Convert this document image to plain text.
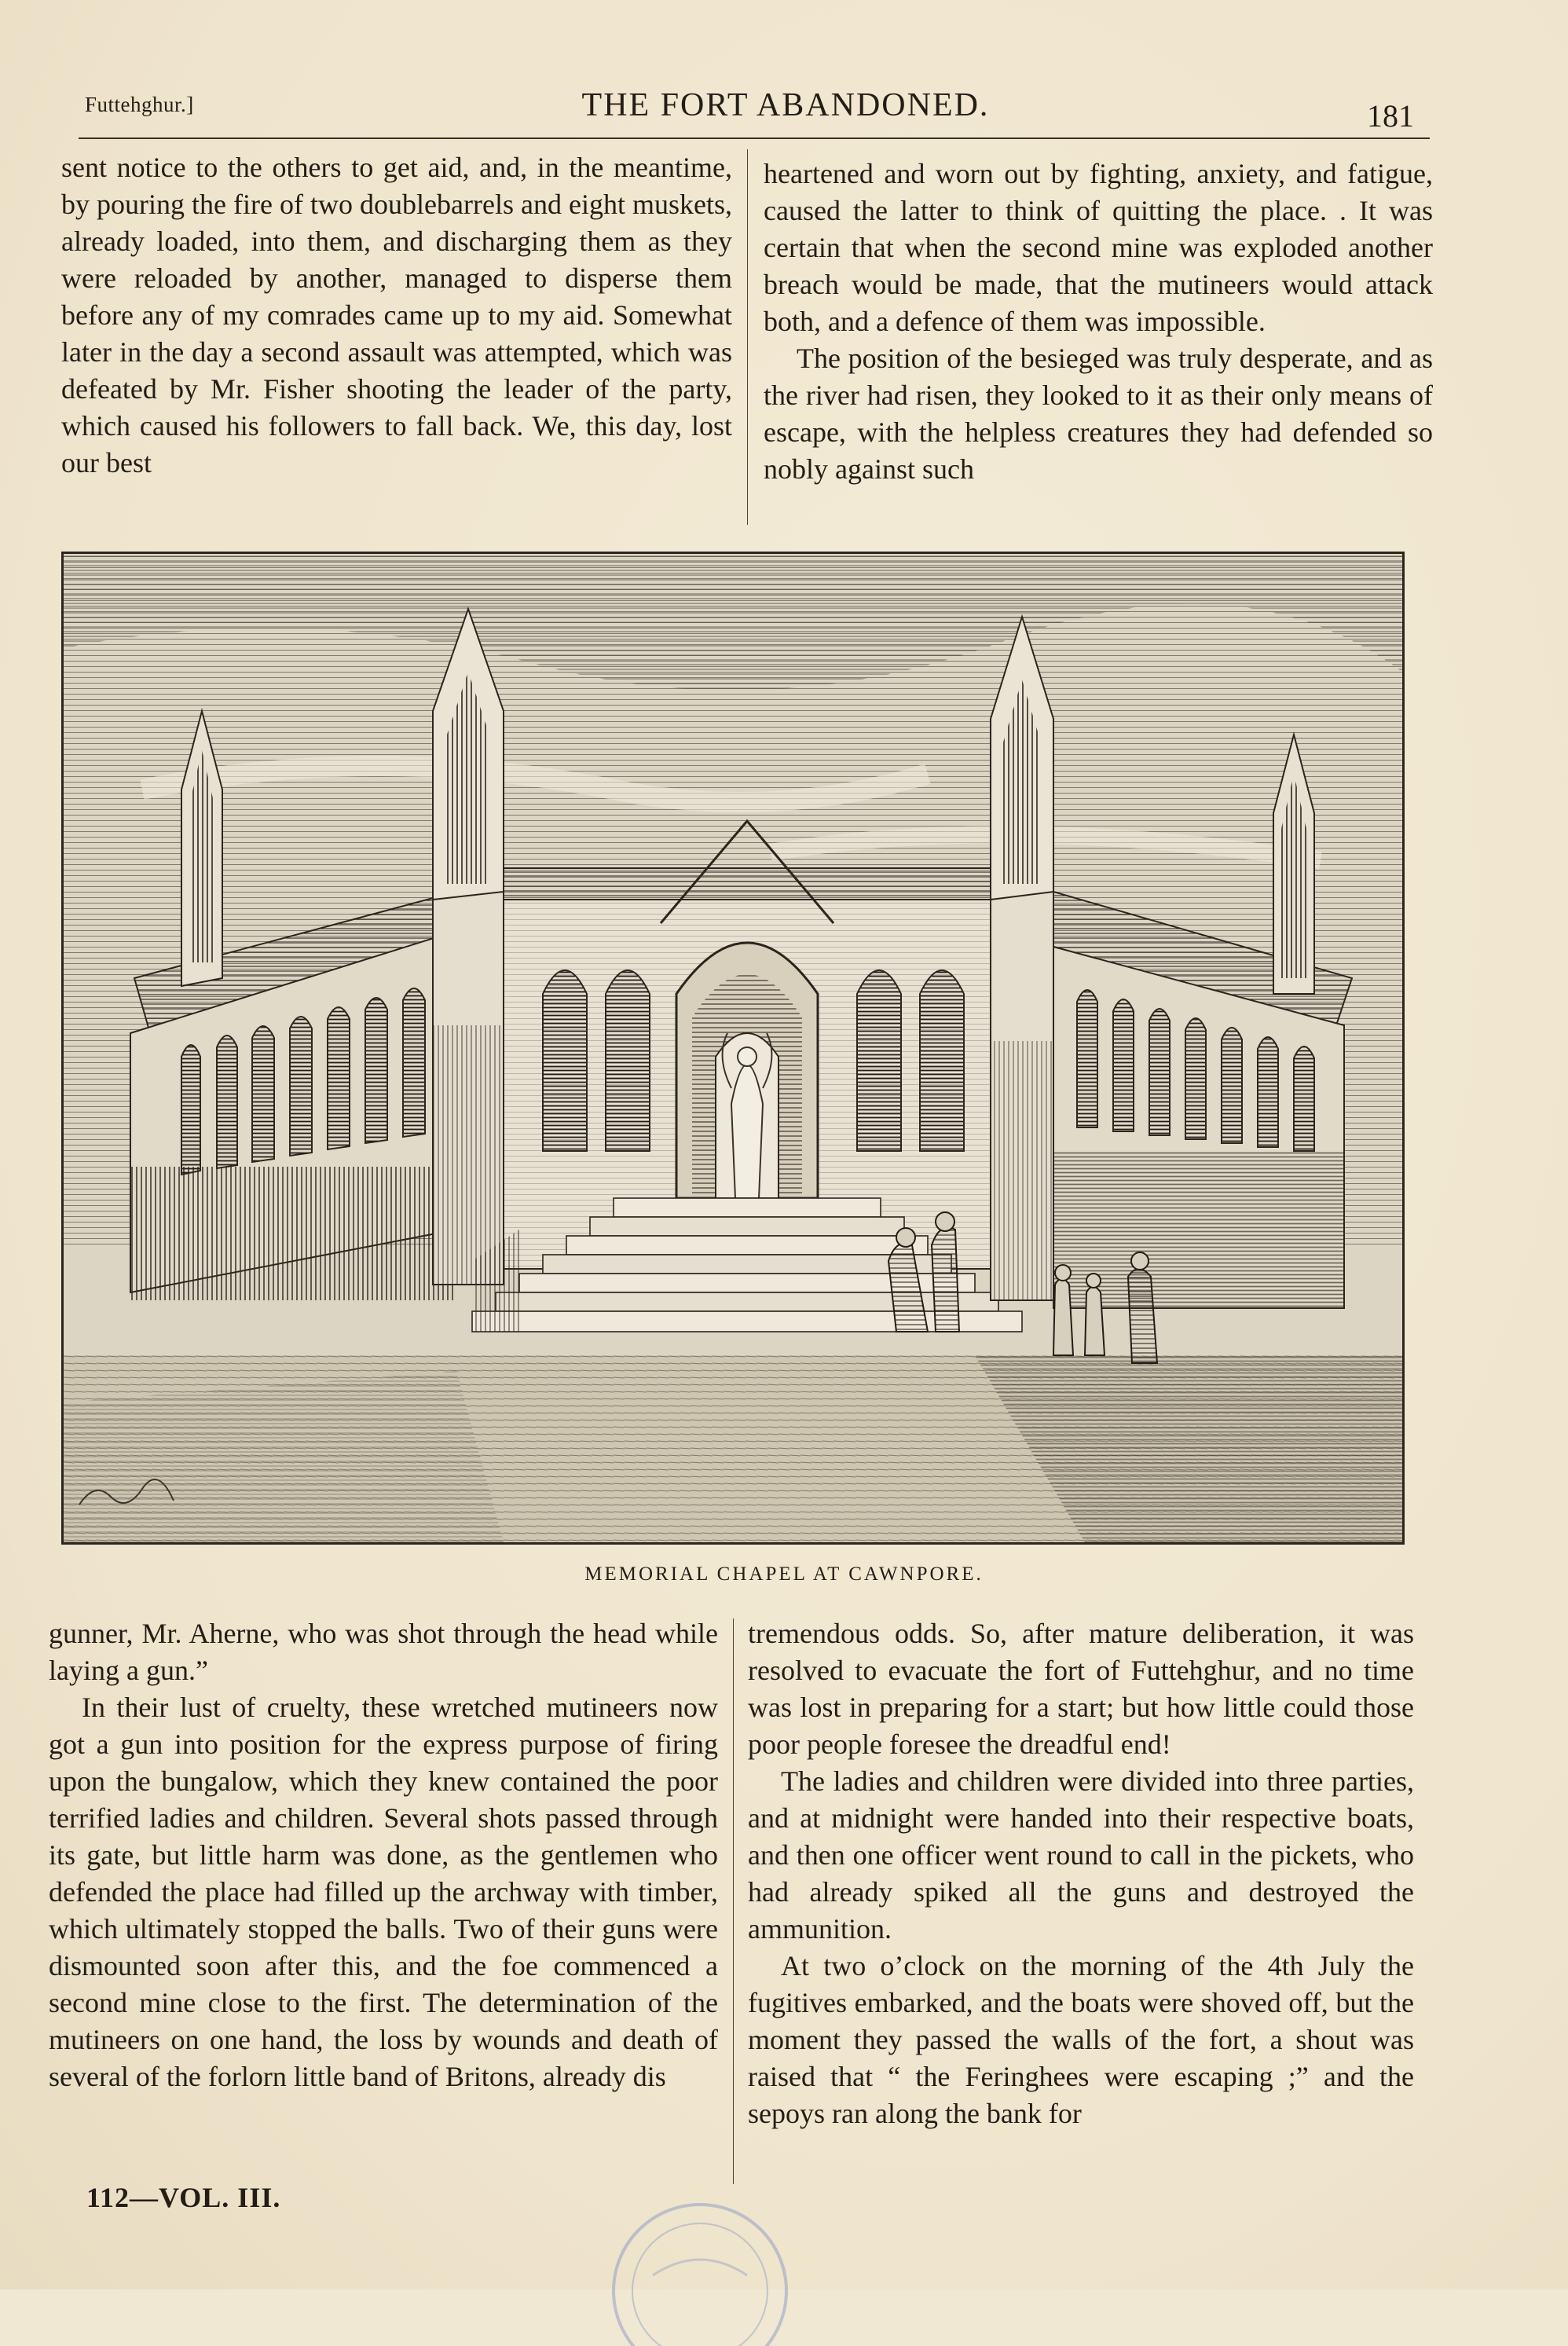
Futtehghur.]	THE FORT ABANDONED.	181

sent notice to the others to get aid, and, in the meantime, by pouring the fire of two doublebarrels and eight muskets, already loaded, into them, and discharging them as they were reloaded by another, managed to disperse them before any of my comrades came up to my aid. Somewhat later in the day a second assault was attempted, which was defeated by Mr. Fisher shooting the leader of the party, which caused his followers to fall back. We, this day, lost our best

heartened and worn out by fighting, anxiety, and fatigue, caused the latter to think of quitting the place. . It was certain that when the second mine was exploded another breach would be made, that the mutineers would attack both, and a defence of them was impossible.

The position of the besieged was truly desperate, and as the river had risen, they looked to it as their only means of escape, with the helpless creatures they had defended so nobly against such

MEMORIAL CHAPEL AT CAWNPORE.

gunner, Mr. Aherne, who was shot through the head while laying a gun.”

In their lust of cruelty, these wretched mutineers now got a gun into position for the express purpose of firing upon the bungalow, which they knew contained the poor terrified ladies and children. Several shots passed through its gate, but little harm was done, as the gentlemen who defended the place had filled up the archway with timber, which ultimately stopped the balls. Two of their guns were dismounted soon after this, and the foe commenced a second mine close to the first. The determination of the mutineers on one hand, the loss by wounds and death of several of the forlorn little band of Britons, already dis

tremendous odds. So, after mature deliberation, it was resolved to evacuate the fort of Futtehghur, and no time was lost in preparing for a start; but how little could those poor people foresee the dreadful end!

The ladies and children were divided into three parties, and at midnight were handed into their respective boats, and then one officer went round to call in the pickets, who had already spiked all the guns and destroyed the ammunition.

At two o’clock on the morning of the 4th July the fugitives embarked, and the boats were shoved off, but the moment they passed the walls of the fort, a shout was raised that “ the Feringhees were escaping ;” and the sepoys ran along the bank for

112—VOL. III.
